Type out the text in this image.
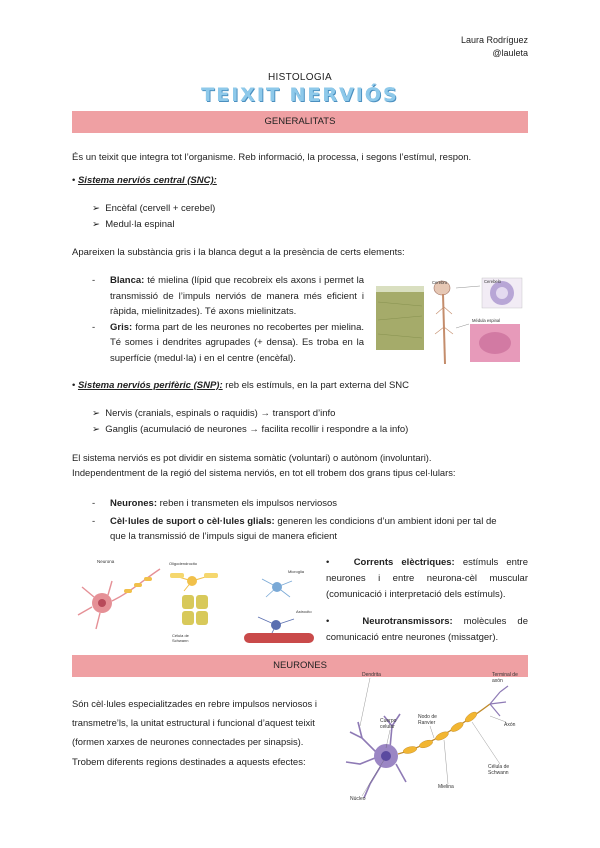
Laura Rodríguez
@lauleta
HISTOLOGIA
TEIXIT NERVIÓS
GENERALITATS
És un teixit que integra tot l’organisme. Reb informació, la processa, i segons l’estímul, respon.
• Sistema nerviós central (SNC):
➢ Encèfal (cervell + cerebel)
➢ Medul·la espinal
Apareixen la substància gris i la blanca degut a la presència de certs elements:
- Blanca: té mielina (lípid que recobreix els axons i permet la transmissió de l’impuls nerviós de manera més eficient i ràpida, mielinitzades). Té axons mielinitzats.
- Gris: forma part de les neurones no recobertes per mielina. Té somes i dendrites agrupades (+ densa). Es troba en la superfície (medul·la) i en el centre (encèfal).
Cerebro	Cerebelo
Médula espinal
• Sistema nerviós perifèric (SNP): reb els estímuls, en la part externa del SNC
➢ Nervis (cranials, espinals o raquidis) → transport d’info
➢ Ganglis (acumulació de neurones → facilita recollir i respondre a la info)
El sistema nerviós es pot dividir en sistema somàtic (voluntari) o autònom (involuntari).
Independentment de la regió del sistema nerviós, en tot ell trobem dos grans tipus cel·lulars:
- Neurones: reben i transmeten els impulsos nerviosos
- Cèl·lules de suport o cèl·lules glials: generen les condicions d’un ambient idoni per tal de
que la transmissió de l’impuls sigui de manera eficient
Neurona	Oligodendrocito
Célula de
Schwann
Microglia
Astrocito
•	Corrents elèctriques: estímuls entre neurones i entre neurona-cèl muscular (comunicació i interpretació dels estímuls).
•	Neurotransmissors: molècules de comunicació entre neurones (missatger).
NEURONES
Són cèl·lules especialitzades en rebre impulsos nerviosos i
transmetre’ls, la unitat estructural i funcional d’aquest teixit
(formen xarxes de neurones connectades per sinapsis).
Trobem diferents regions destinades a aquests efectes:
Dendrita
Cuerpo
celular
Nodo de
Ranvier
Terminal de
axón
Axón
Célula de
Schwann
Mielina
Núcleo
